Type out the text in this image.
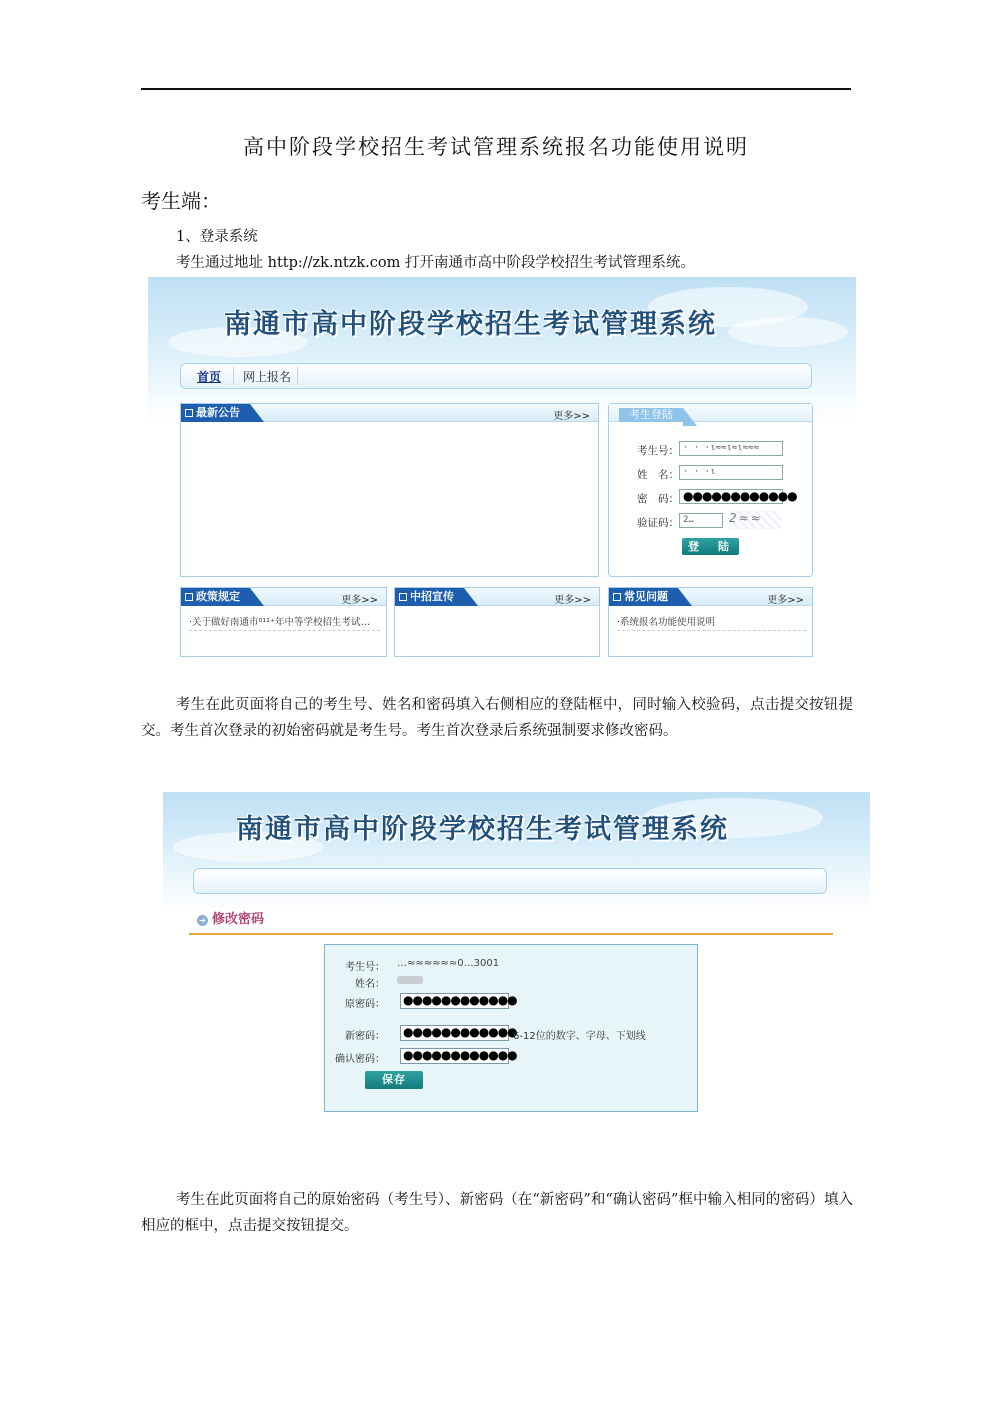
高中阶段学校招生考试管理系统报名功能使用说明
考生端：
1、登录系统
考生通过地址 http://zk.ntzk.com 打开南通市高中阶段学校招生考试管理系统。
南通市高中阶段学校招生考试管理系统
首页 网上报名
最新公告	更多>>	考生登陆
考生号： · · ·ι≈≈ι≈ι≈≈≈
姓　名： · · ·ι
密　码： ●●●●●●●●●●●●
验证码： 2…	2≈≈
登　陆
政策规定	更多>>
·关于做好南通市⁰¹¹⁺年中等学校招生考试…
中招宣传	更多>>	常见问题	更多>>
·系统报名功能使用说明
考生在此页面将自己的考生号、姓名和密码填入右侧相应的登陆框中，同时输入校验码，点击提交按钮提交。考生首次登录的初始密码就是考生号。考生首次登录后系统强制要求修改密码。
南通市高中阶段学校招生考试管理系统
➔ 修改密码
考生号： …≈≈≈≈≈≈0…3001
姓名：
原密码： ●●●●●●●●●●●●
新密码： ●●●●●●●●●●●●
6-12位的数字、字母、下划线
确认密码： ●●●●●●●●●●●●
保存
考生在此页面将自己的原始密码（考生号）、新密码（在“新密码”和“确认密码”框中输入相同的密码）填入相应的框中，点击提交按钮提交。
